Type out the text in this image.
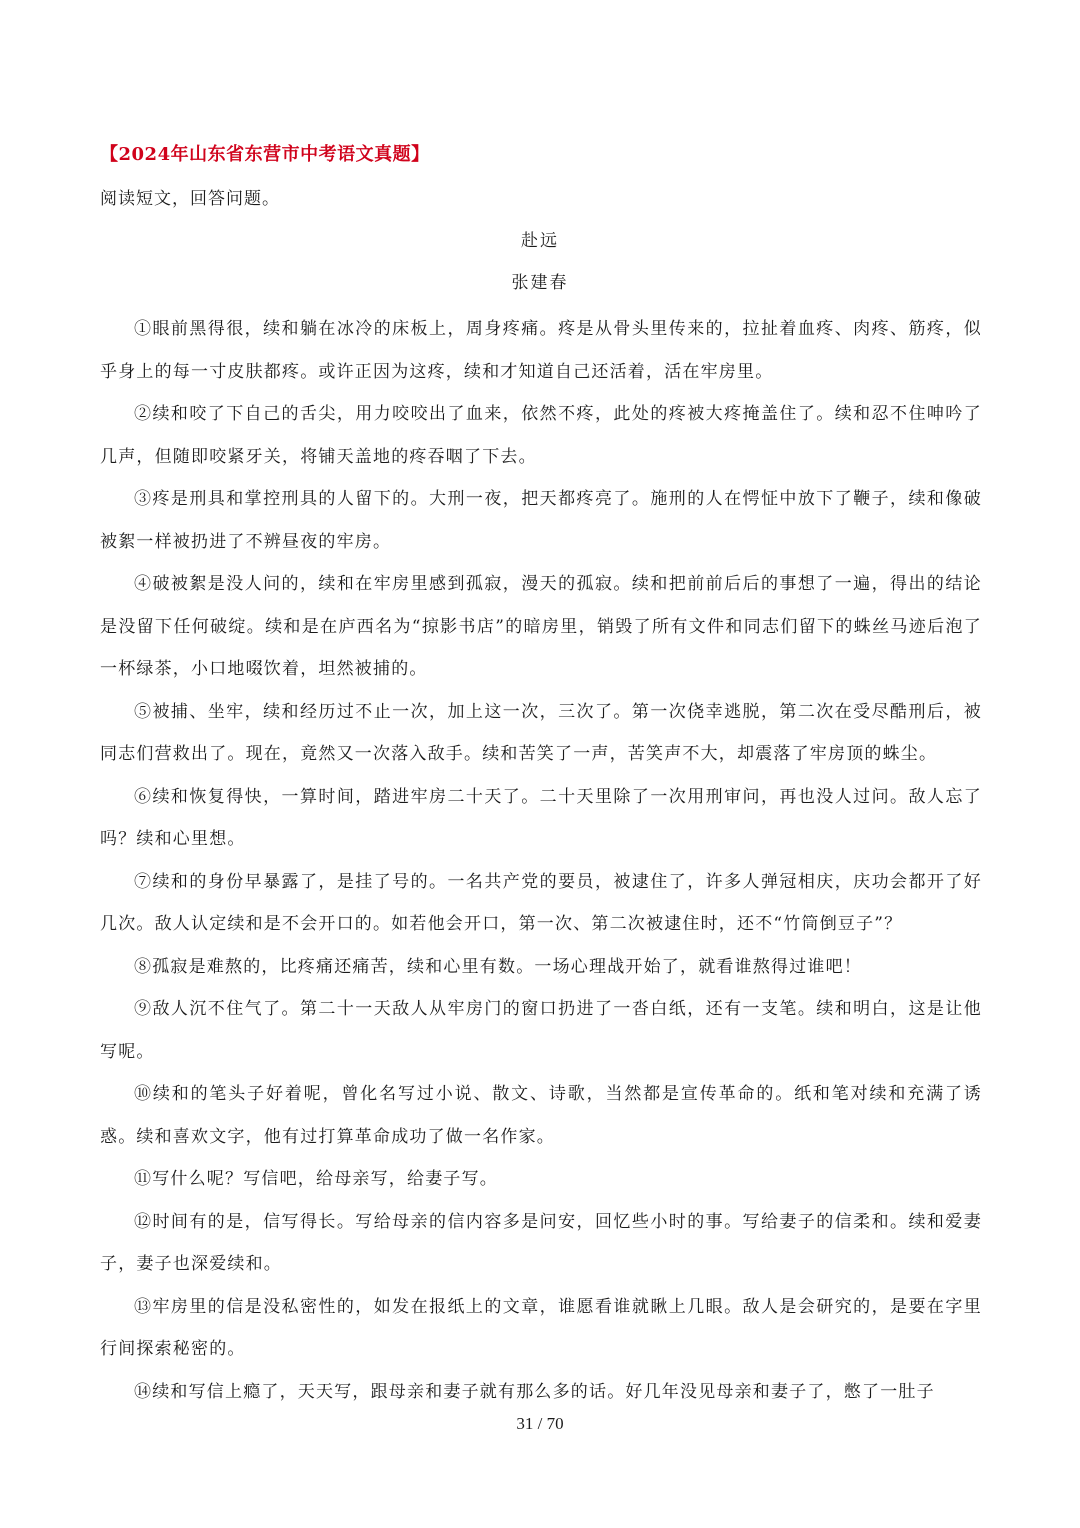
【2024年山东省东营市中考语文真题】
阅读短文，回答问题。
赴远
张建春

①眼前黑得很，续和躺在冰冷的床板上，周身疼痛。疼是从骨头里传来的，拉扯着血疼、肉疼、筋疼，似乎身上的每一寸皮肤都疼。或许正因为这疼，续和才知道自己还活着，活在牢房里。

②续和咬了下自己的舌尖，用力咬咬出了血来，依然不疼，此处的疼被大疼掩盖住了。续和忍不住呻吟了几声，但随即咬紧牙关，将铺天盖地的疼吞咽了下去。

③疼是刑具和掌控刑具的人留下的。大刑一夜，把天都疼亮了。施刑的人在愕怔中放下了鞭子，续和像破被絮一样被扔进了不辨昼夜的牢房。

④破被絮是没人问的，续和在牢房里感到孤寂，漫天的孤寂。续和把前前后后的事想了一遍，得出的结论是没留下任何破绽。续和是在庐西名为“掠影书店”的暗房里，销毁了所有文件和同志们留下的蛛丝马迹后泡了一杯绿茶，小口地啜饮着，坦然被捕的。

⑤被捕、坐牢，续和经历过不止一次，加上这一次，三次了。第一次侥幸逃脱，第二次在受尽酷刑后，被同志们营救出了。现在，竟然又一次落入敌手。续和苦笑了一声，苦笑声不大，却震落了牢房顶的蛛尘。

⑥续和恢复得快，一算时间，踏进牢房二十天了。二十天里除了一次用刑审问，再也没人过问。敌人忘了吗？续和心里想。

⑦续和的身份早暴露了，是挂了号的。一名共产党的要员，被逮住了，许多人弹冠相庆，庆功会都开了好几次。敌人认定续和是不会开口的。如若他会开口，第一次、第二次被逮住时，还不“竹筒倒豆子”？

⑧孤寂是难熬的，比疼痛还痛苦，续和心里有数。一场心理战开始了，就看谁熬得过谁吧！

⑨敌人沉不住气了。第二十一天敌人从牢房门的窗口扔进了一沓白纸，还有一支笔。续和明白，这是让他写呢。

⑩续和的笔头子好着呢，曾化名写过小说、散文、诗歌，当然都是宣传革命的。纸和笔对续和充满了诱惑。续和喜欢文字，他有过打算革命成功了做一名作家。

⑪写什么呢？写信吧，给母亲写，给妻子写。

⑫时间有的是，信写得长。写给母亲的信内容多是问安，回忆些小时的事。写给妻子的信柔和。续和爱妻子，妻子也深爱续和。

⑬牢房里的信是没私密性的，如发在报纸上的文章，谁愿看谁就瞅上几眼。敌人是会研究的，是要在字里行间探索秘密的。

⑭续和写信上瘾了，天天写，跟母亲和妻子就有那么多的话。好几年没见母亲和妻子了，憋了一肚子

31 / 70
